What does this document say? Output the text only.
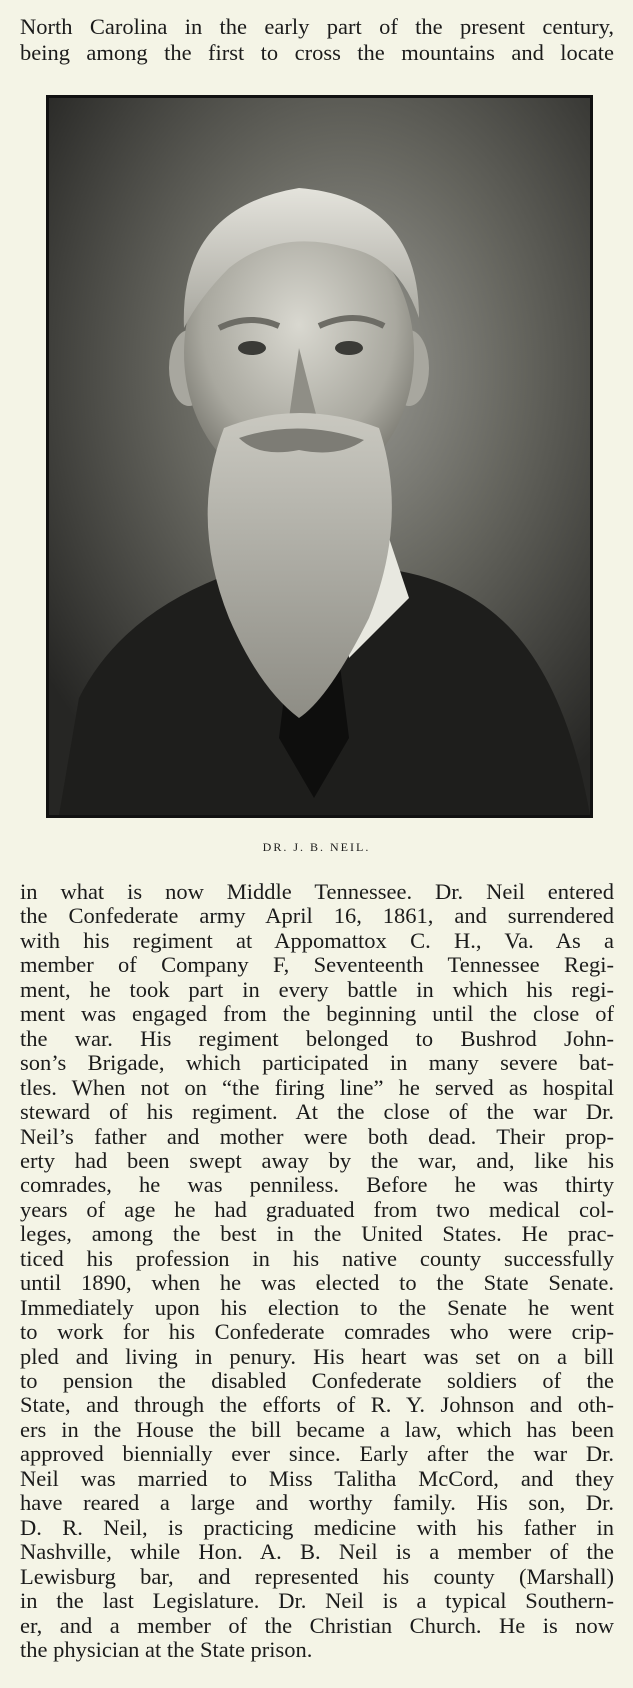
DR. J. B. NEIL.
North Carolina in the early part of the present century,
being among the first to cross the mountains and locate
in what is now Middle Tennessee. Dr. Neil entered
the Confederate army April 16, 1861, and surrendered
with his regiment at Appomattox C. H., Va. As a
member of Company F, Seventeenth Tennessee Regi-
ment, he took part in every battle in which his regi-
ment was engaged from the beginning until the close of
the war. His regiment belonged to Bushrod John-
son’s Brigade, which participated in many severe bat-
tles. When not on “the firing line” he served as hospital
steward of his regiment. At the close of the war Dr.
Neil’s father and mother were both dead. Their prop-
erty had been swept away by the war, and, like his
comrades, he was penniless. Before he was thirty
years of age he had graduated from two medical col-
leges, among the best in the United States. He prac-
ticed his profession in his native county successfully
until 1890, when he was elected to the State Senate.
Immediately upon his election to the Senate he went
to work for his Confederate comrades who were crip-
pled and living in penury. His heart was set on a bill
to pension the disabled Confederate soldiers of the
State, and through the efforts of R. Y. Johnson and oth-
ers in the House the bill became a law, which has been
approved biennially ever since. Early after the war Dr.
Neil was married to Miss Talitha McCord, and they
have reared a large and worthy family. His son, Dr.
D. R. Neil, is practicing medicine with his father in
Nashville, while Hon. A. B. Neil is a member of the
Lewisburg bar, and represented his county (Marshall)
in the last Legislature. Dr. Neil is a typical Southern-
er, and a member of the Christian Church. He is now
the physician at the State prison.
